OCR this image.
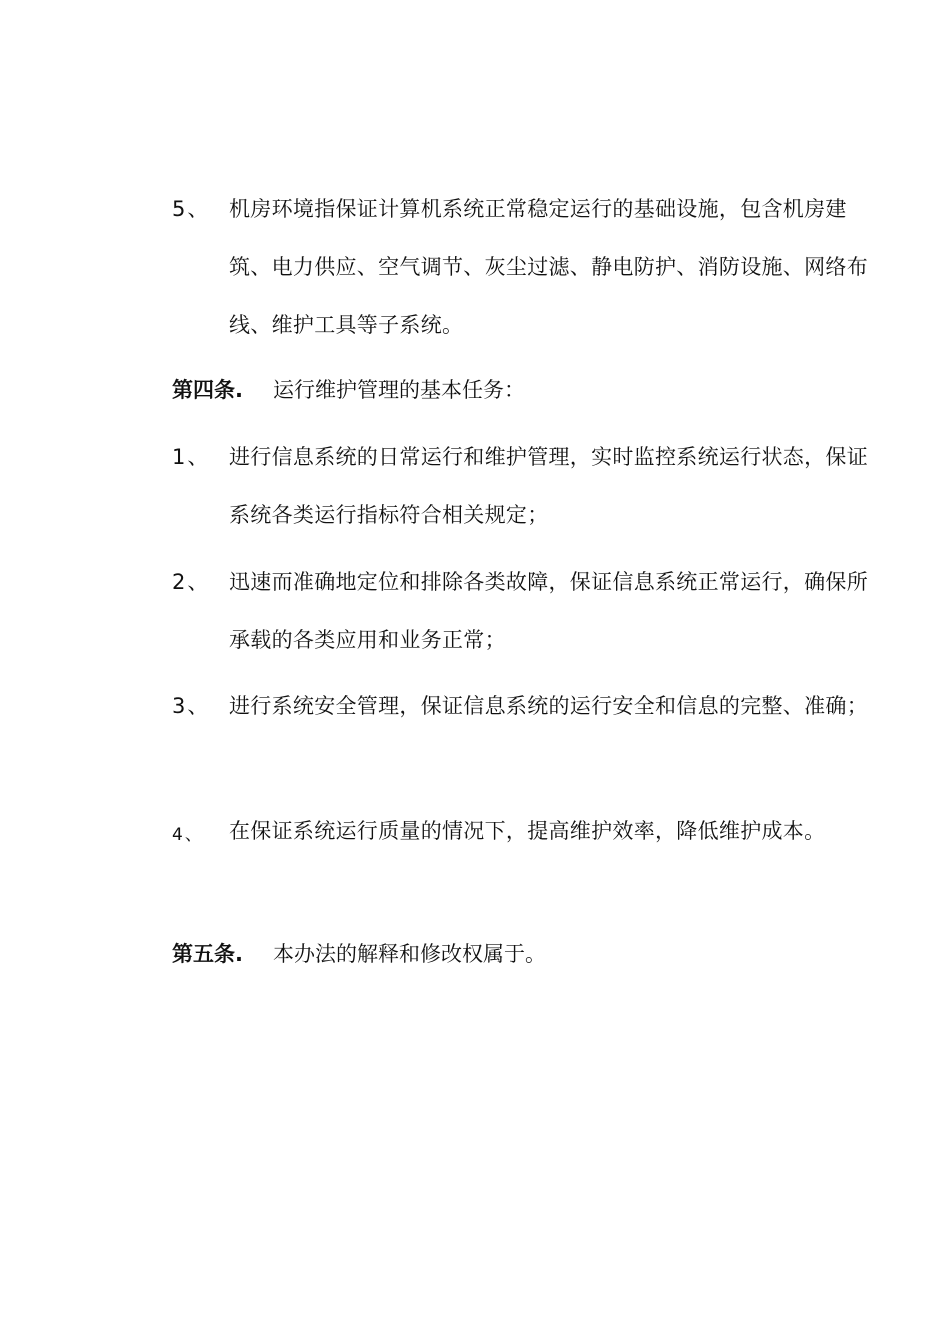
5、 机房环境指保证计算机系统正常稳定运行的基础设施，包含机房建筑、电力供应、空气调节、灰尘过滤、静电防护、消防设施、网络布线、维护工具等子系统。
第四条. 运行维护管理的基本任务：
1、 进行信息系统的日常运行和维护管理，实时监控系统运行状态，保证系统各类运行指标符合相关规定；
2、 迅速而准确地定位和排除各类故障，保证信息系统正常运行，确保所承载的各类应用和业务正常；
3、 进行系统安全管理，保证信息系统的运行安全和信息的完整、准确；
4、 在保证系统运行质量的情况下，提高维护效率，降低维护成本。
第五条. 本办法的解释和修改权属于。
